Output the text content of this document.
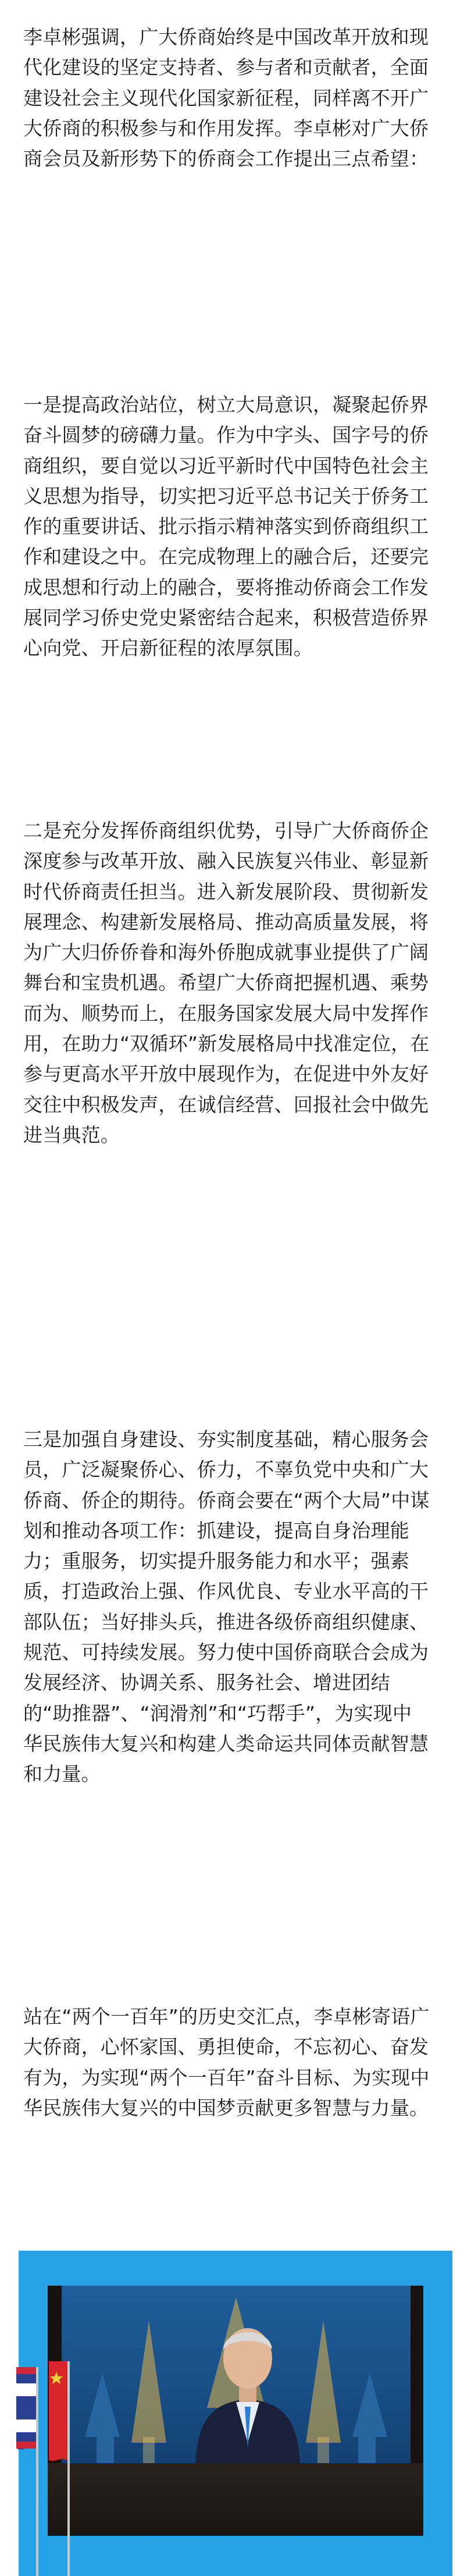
李卓彬强调，广大侨商始终是中国改革开放和现代化建设的坚定支持者、参与者和贡献者，全面建设社会主义现代化国家新征程，同样离不开广大侨商的积极参与和作用发挥。李卓彬对广大侨商会员及新形势下的侨商会工作提出三点希望：

一是提高政治站位，树立大局意识，凝聚起侨界奋斗圆梦的磅礴力量。作为中字头、国字号的侨商组织，要自觉以习近平新时代中国特色社会主义思想为指导，切实把习近平总书记关于侨务工作的重要讲话、批示指示精神落实到侨商组织工作和建设之中。在完成物理上的融合后，还要完成思想和行动上的融合，要将推动侨商会工作发展同学习侨史党史紧密结合起来，积极营造侨界心向党、开启新征程的浓厚氛围。

二是充分发挥侨商组织优势，引导广大侨商侨企深度参与改革开放、融入民族复兴伟业、彰显新时代侨商责任担当。进入新发展阶段、贯彻新发展理念、构建新发展格局、推动高质量发展，将为广大归侨侨眷和海外侨胞成就事业提供了广阔舞台和宝贵机遇。希望广大侨商把握机遇、乘势而为、顺势而上，在服务国家发展大局中发挥作用，在助力“双循环”新发展格局中找准定位，在参与更高水平开放中展现作为，在促进中外友好交往中积极发声，在诚信经营、回报社会中做先进当典范。

三是加强自身建设、夯实制度基础，精心服务会员，广泛凝聚侨心、侨力，不辜负党中央和广大侨商、侨企的期待。侨商会要在“两个大局”中谋划和推动各项工作：抓建设，提高自身治理能力；重服务，切实提升服务能力和水平；强素质，打造政治上强、作风优良、专业水平高的干部队伍；当好排头兵，推进各级侨商组织健康、规范、可持续发展。努力使中国侨商联合会成为发展经济、协调关系、服务社会、增进团结的“助推器”、“润滑剂”和“巧帮手”，为实现中华民族伟大复兴和构建人类命运共同体贡献智慧和力量。

站在“两个一百年”的历史交汇点，李卓彬寄语广大侨商，心怀家国、勇担使命，不忘初心、奋发有为，为实现“两个一百年”奋斗目标、为实现中华民族伟大复兴的中国梦贡献更多智慧与力量。
